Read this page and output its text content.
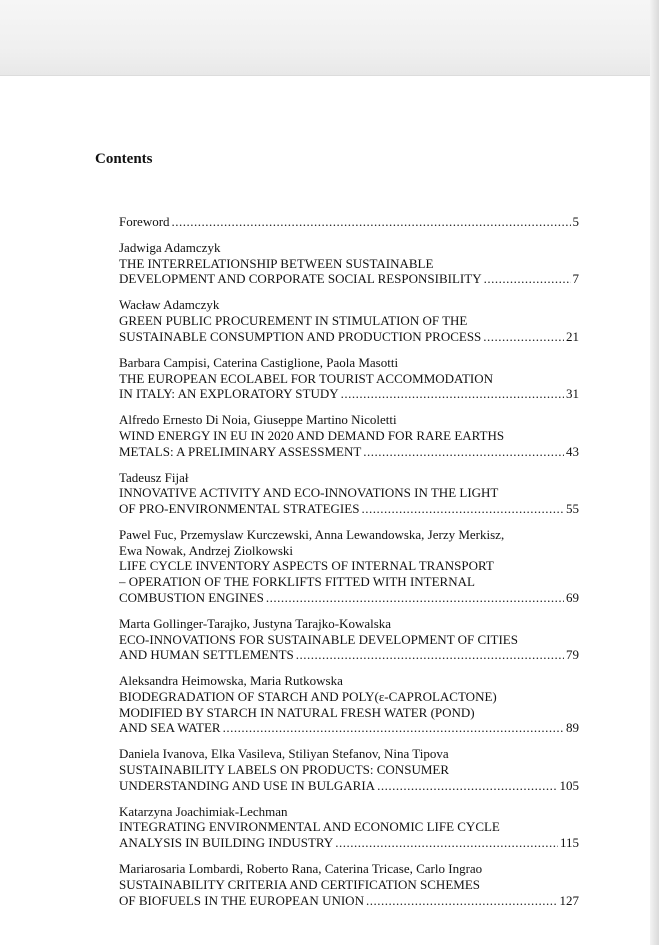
Contents
Foreword .....	5
Jadwiga Adamczyk
THE INTERRELATIONSHIP BETWEEN SUSTAINABLE
DEVELOPMENT AND CORPORATE SOCIAL RESPONSIBILITY .....	7
Wacław Adamczyk
GREEN PUBLIC PROCUREMENT IN STIMULATION OF THE
SUSTAINABLE CONSUMPTION AND PRODUCTION PROCESS .....	21
Barbara Campisi, Caterina Castiglione, Paola Masotti
THE EUROPEAN ECOLABEL FOR TOURIST ACCOMMODATION
IN ITALY: AN EXPLORATORY STUDY .....	31
Alfredo Ernesto Di Noia, Giuseppe Martino Nicoletti
WIND ENERGY IN EU IN 2020 AND DEMAND FOR RARE EARTHS
METALS: A PRELIMINARY ASSESSMENT .....	43
Tadeusz Fijał
INNOVATIVE ACTIVITY AND ECO-INNOVATIONS IN THE LIGHT
OF PRO-ENVIRONMENTAL STRATEGIES .....	55
Pawel Fuc, Przemyslaw Kurczewski, Anna Lewandowska, Jerzy Merkisz,
Ewa Nowak, Andrzej Ziolkowski
LIFE CYCLE INVENTORY ASPECTS OF INTERNAL TRANSPORT
– OPERATION OF THE FORKLIFTS FITTED WITH INTERNAL
COMBUSTION ENGINES .....	69
Marta Gollinger-Tarajko, Justyna Tarajko-Kowalska
ECO-INNOVATIONS FOR SUSTAINABLE DEVELOPMENT OF CITIES
AND HUMAN SETTLEMENTS .....	79
Aleksandra Heimowska, Maria Rutkowska
BIODEGRADATION OF STARCH AND POLY(ε-CAPROLACTONE)
MODIFIED BY STARCH IN NATURAL FRESH WATER (POND)
AND SEA WATER .....	89
Daniela Ivanova, Elka Vasileva, Stiliyan Stefanov, Nina Tipova
SUSTAINABILITY LABELS ON PRODUCTS: CONSUMER
UNDERSTANDING AND USE IN BULGARIA .....	105
Katarzyna Joachimiak-Lechman
INTEGRATING ENVIRONMENTAL AND ECONOMIC LIFE CYCLE
ANALYSIS IN BUILDING INDUSTRY .....	115
Mariarosaria Lombardi, Roberto Rana, Caterina Tricase, Carlo Ingrao
SUSTAINABILITY CRITERIA AND CERTIFICATION SCHEMES
OF BIOFUELS IN THE EUROPEAN UNION .....	127
